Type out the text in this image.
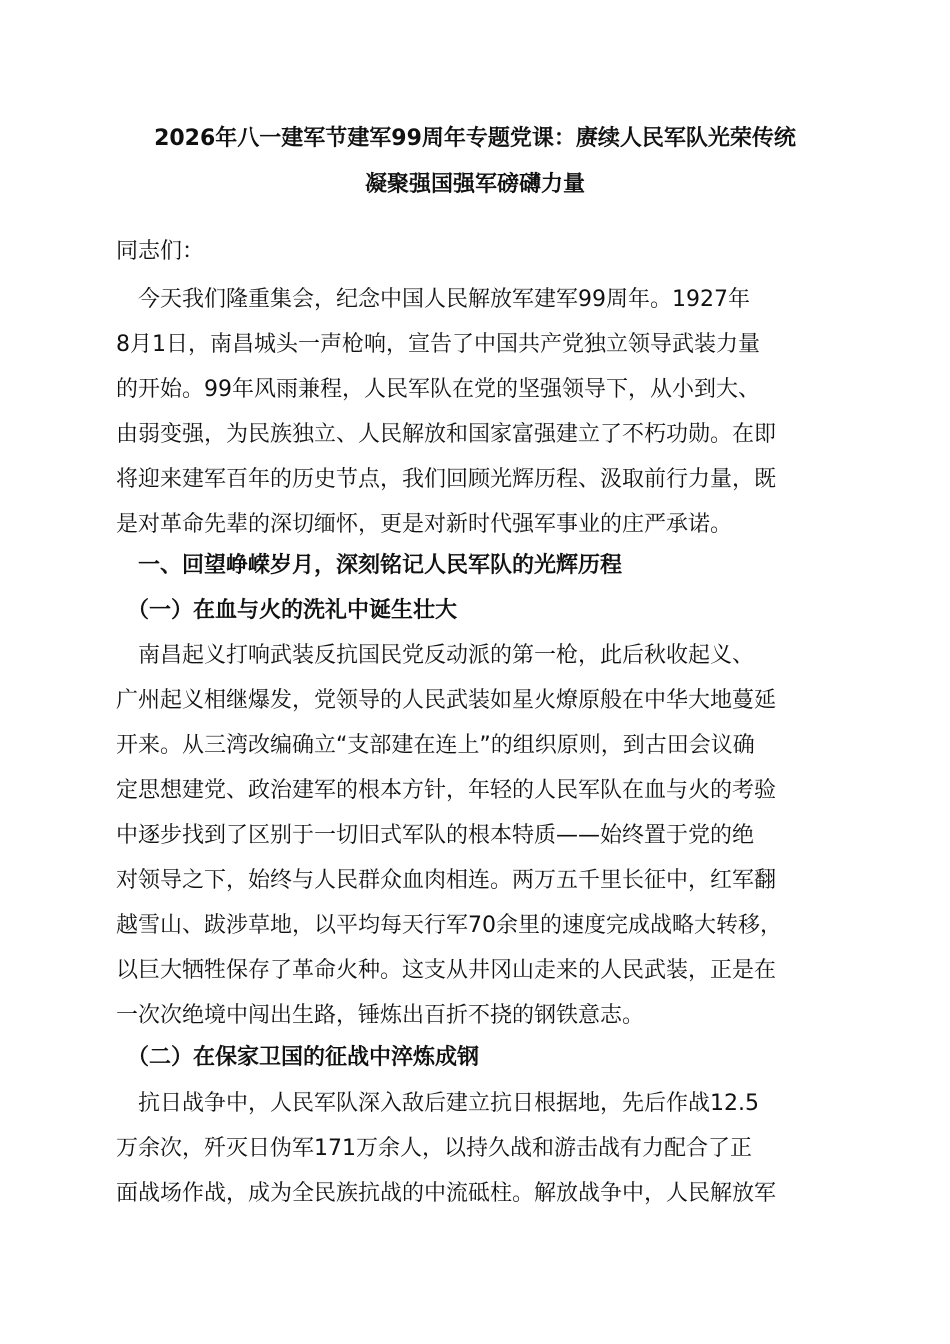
2026年八一建军节建军99周年专题党课：赓续人民军队光荣传统
凝聚强国强军磅礴力量
同志们：
　今天我们隆重集会，纪念中国人民解放军建军99周年。1927年
8月1日，南昌城头一声枪响，宣告了中国共产党独立领导武装力量
的开始。99年风雨兼程，人民军队在党的坚强领导下，从小到大、
由弱变强，为民族独立、人民解放和国家富强建立了不朽功勋。在即
将迎来建军百年的历史节点，我们回顾光辉历程、汲取前行力量，既
是对革命先辈的深切缅怀，更是对新时代强军事业的庄严承诺。
　一、回望峥嵘岁月，深刻铭记人民军队的光辉历程
　（一）在血与火的洗礼中诞生壮大
　南昌起义打响武装反抗国民党反动派的第一枪，此后秋收起义、
广州起义相继爆发，党领导的人民武装如星火燎原般在中华大地蔓延
开来。从三湾改编确立“支部建在连上”的组织原则，到古田会议确
定思想建党、政治建军的根本方针，年轻的人民军队在血与火的考验
中逐步找到了区别于一切旧式军队的根本特质——始终置于党的绝
对领导之下，始终与人民群众血肉相连。两万五千里长征中，红军翻
越雪山、跋涉草地，以平均每天行军70余里的速度完成战略大转移，
以巨大牺牲保存了革命火种。这支从井冈山走来的人民武装，正是在
一次次绝境中闯出生路，锤炼出百折不挠的钢铁意志。
　（二）在保家卫国的征战中淬炼成钢
　抗日战争中，人民军队深入敌后建立抗日根据地，先后作战12.5
万余次，歼灭日伪军171万余人，以持久战和游击战有力配合了正
面战场作战，成为全民族抗战的中流砥柱。解放战争中，人民解放军
